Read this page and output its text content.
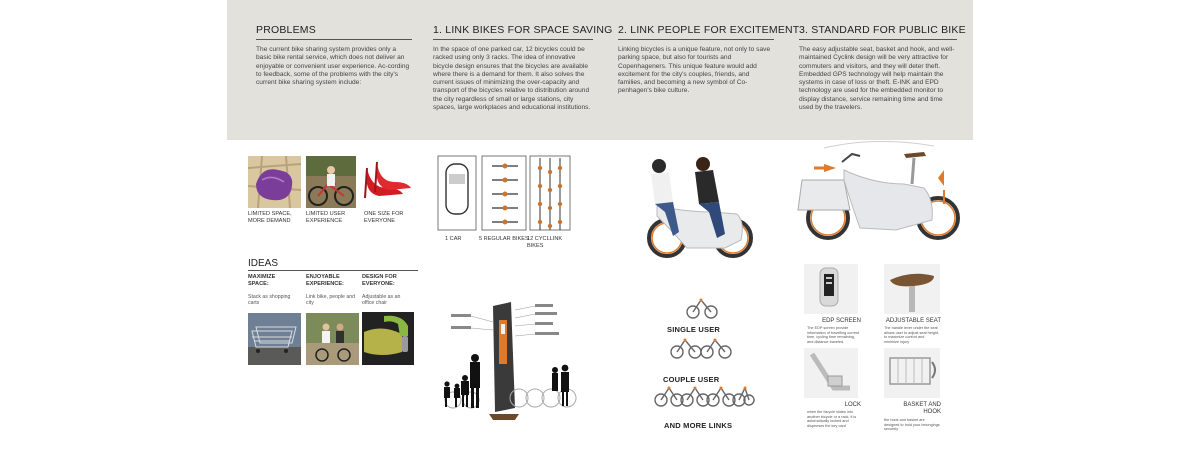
PROBLEMS

The current bike sharing system provides only a basic bike rental service, which does not deliver an enjoyable or convenient user experience. Ac-cording to feedback, some of the problems with the city's current bike sharing system include:

1. LINK BIKES FOR SPACE SAVING

In the space of one parked car, 12 bicycles could be racked using only 3 racks. The idea of innovative bicycle design ensures that the bicycles are available where there is a demand for them. It also solves the current issues of minimizing the over-capacity and transport of the bicycles relative to distribution around the city regardless of small or large stations, city spaces, large workplaces and educational institutions.

2. LINK PEOPLE FOR EXCITEMENT

Linking bicycles is a unique feature, not only to save parking space, but also for tourists and Copenhageners. This unique feature would add excitement for the city's couples, friends, and families, and becoming a new symbol of Co-penhagen's bike culture.

3. STANDARD FOR PUBLIC BIKE

The easy adjustable seat, basket and hook, and well-maintained Cyclink design will be very attractive for commuters and visitors, and they will deter theft. Embedded GPS technology will help maintain the systems in case of loss or theft. E-INK and EPD technology are used for the embedded monitor to display distance, service remaining time and time used by the travelers.

LIMITED SPACE, MORE DEMAND
LIMITED USER EXPERIENCE
ONE SIZE FOR EVERYONE
IDEAS
MAXIMIZE SPACE:
ENJOYABLE EXPERIENCE:
DESIGN FOR EVERYONE:
Stack as shopping carts
Link bike, people and city
Adjustable as an office chair
1 CAR	5 REGULAR BIKES
12 CYCLLINK BIKES
SINGLE USER
COUPLE USER
AND MORE LINKS
EDP SCREEN
The EDP screen provide information of travelling current time, cycling time remaining, and distance traveled.
ADJUSTABLE SEAT
The handle lever under the seat allows user to adjust seat height, to maximize confort and minimize injury
LOCK
when the bicycle slides into another bicycle or a rack, it is automatically locked and dispenses the key card
BASKET AND HOOK
the hook and basket are designed to hold your belongings securely
